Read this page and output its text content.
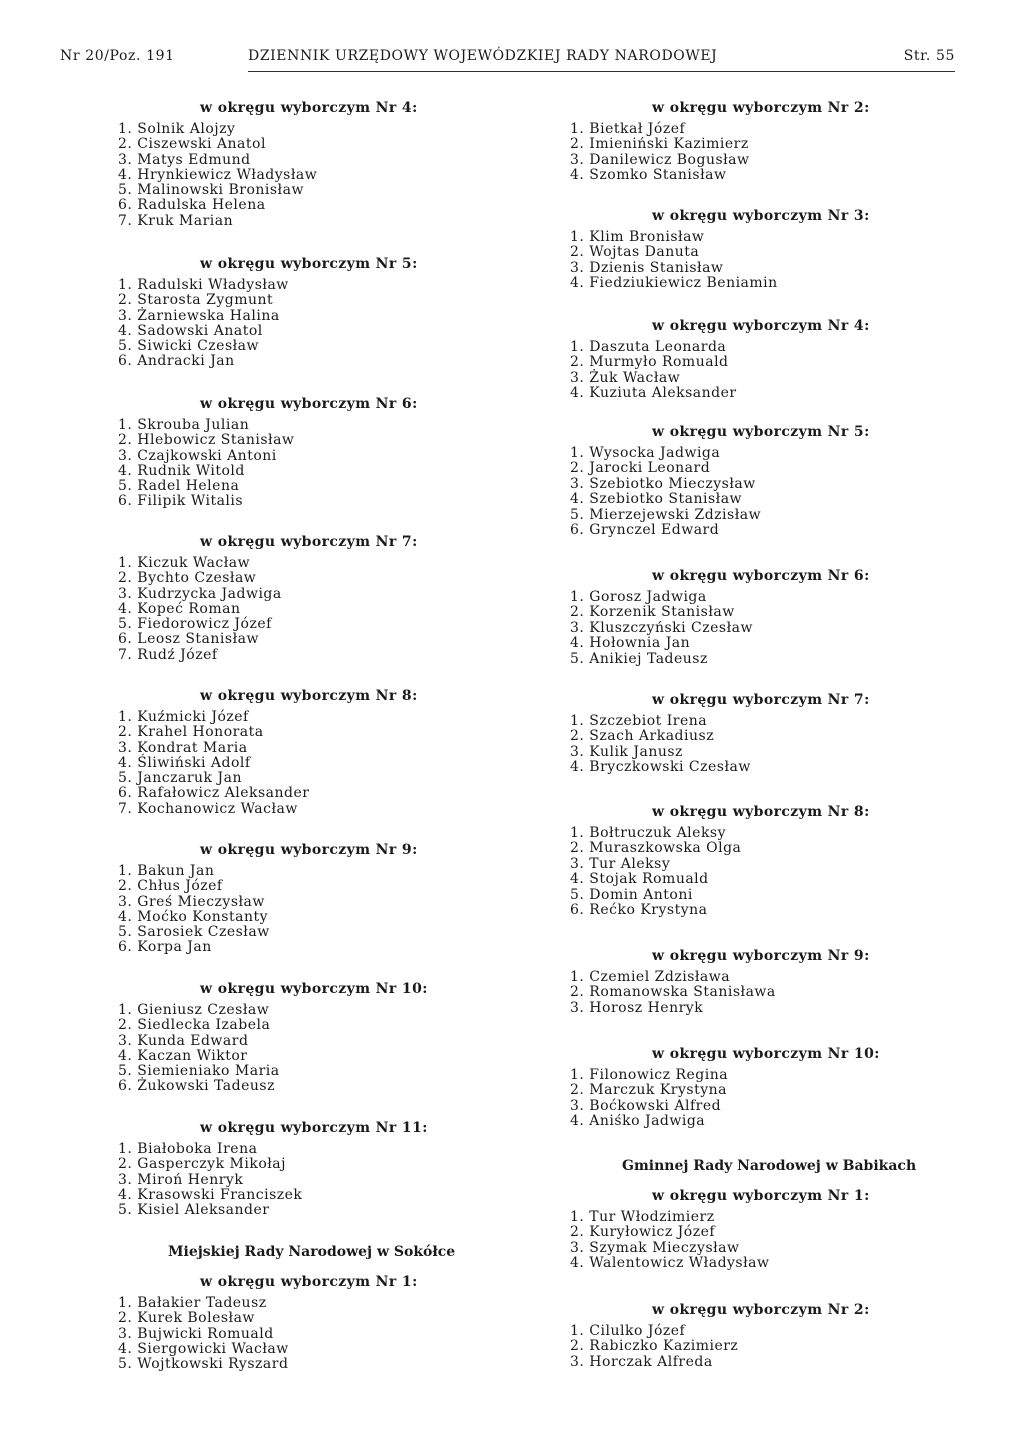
Nr 20/Poz. 191	DZIENNIK URZĘDOWY WOJEWÓDZKIEJ RADY NARODOWEJ	Str. 55
w okręgu wyborczym Nr 4:
1. Solnik Alojzy
2. Ciszewski Anatol
3. Matys Edmund
4. Hrynkiewicz Władysław
5. Malinowski Bronisław
6. Radulska Helena
7. Kruk Marian
w okręgu wyborczym Nr 5:
1. Radulski Władysław
2. Starosta Zygmunt
3. Żarniewska Halina
4. Sadowski Anatol
5. Siwicki Czesław
6. Andracki Jan
w okręgu wyborczym Nr 6:
1. Skrouba Julian
2. Hlebowicz Stanisław
3. Czajkowski Antoni
4. Rudnik Witold
5. Radel Helena
6. Filipik Witalis
w okręgu wyborczym Nr 7:
1. Kiczuk Wacław
2. Bychto Czesław
3. Kudrzycka Jadwiga
4. Kopeć Roman
5. Fiedorowicz Józef
6. Leosz Stanisław
7. Rudź Józef
w okręgu wyborczym Nr 8:
1. Kuźmicki Józef
2. Krahel Honorata
3. Kondrat Maria
4. Śliwiński Adolf
5. Janczaruk Jan
6. Rafałowicz Aleksander
7. Kochanowicz Wacław
w okręgu wyborczym Nr 9:
1. Bakun Jan
2. Chłus Józef
3. Greś Mieczysław
4. Moćko Konstanty
5. Sarosiek Czesław
6. Korpa Jan
w okręgu wyborczym Nr 10:
1. Gieniusz Czesław
2. Siedlecka Izabela
3. Kunda Edward
4. Kaczan Wiktor
5. Siemieniako Maria
6. Żukowski Tadeusz
w okręgu wyborczym Nr 11:
1. Białoboka Irena
2. Gasperczyk Mikołaj
3. Miroń Henryk
4. Krasowski Franciszek
5. Kisiel Aleksander
Miejskiej Rady Narodowej w Sokółce
w okręgu wyborczym Nr 1:
1. Bałakier Tadeusz
2. Kurek Bolesław
3. Bujwicki Romuald
4. Siergowicki Wacław
5. Wojtkowski Ryszard
w okręgu wyborczym Nr 2:
1. Bietkał Józef
2. Imieniński Kazimierz
3. Danilewicz Bogusław
4. Szomko Stanisław
w okręgu wyborczym Nr 3:
1. Klim Bronisław
2. Wojtas Danuta
3. Dzienis Stanisław
4. Fiedziukiewicz Beniamin
w okręgu wyborczym Nr 4:
1. Daszuta Leonarda
2. Murmyło Romuald
3. Żuk Wacław
4. Kuziuta Aleksander
w okręgu wyborczym Nr 5:
1. Wysocka Jadwiga
2. Jarocki Leonard
3. Szebiotko Mieczysław
4. Szebiotko Stanisław
5. Mierzejewski Zdzisław
6. Grynczel Edward
w okręgu wyborczym Nr 6:
1. Gorosz Jadwiga
2. Korzenik Stanisław
3. Kluszczyński Czesław
4. Hołownia Jan
5. Anikiej Tadeusz
w okręgu wyborczym Nr 7:
1. Szczebiot Irena
2. Szach Arkadiusz
3. Kulik Janusz
4. Bryczkowski Czesław
w okręgu wyborczym Nr 8:
1. Bołtruczuk Aleksy
2. Muraszkowska Olga
3. Tur Aleksy
4. Stojak Romuald
5. Domin Antoni
6. Rećko Krystyna
w okręgu wyborczym Nr 9:
1. Czemiel Zdzisława
2. Romanowska Stanisława
3. Horosz Henryk
w okręgu wyborczym Nr 10:
1. Filonowicz Regina
2. Marczuk Krystyna
3. Boćkowski Alfred
4. Aniśko Jadwiga
Gminnej Rady Narodowej w Babikach
w okręgu wyborczym Nr 1:
1. Tur Włodzimierz
2. Kuryłowicz Józef
3. Szymak Mieczysław
4. Walentowicz Władysław
w okręgu wyborczym Nr 2:
1. Cilulko Józef
2. Rabiczko Kazimierz
3. Horczak Alfreda
